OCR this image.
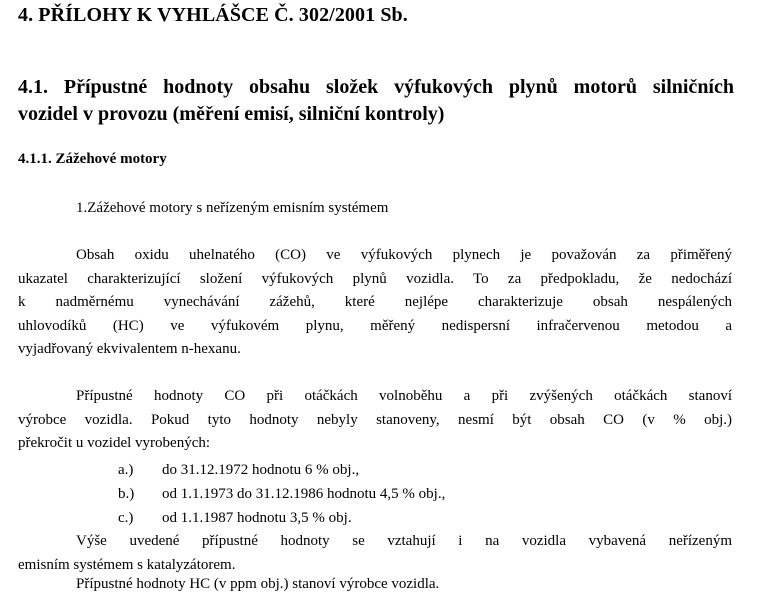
4. PŘÍLOHY K VYHLÁŠCE Č. 302/2001 Sb.
4.1. Přípustné hodnoty obsahu složek výfukových plynů motorů silničních
vozidel v provozu (měření emisí, silniční kontroly)
4.1.1. Zážehové motory
1.Zážehové motory s neřízeným emisním systémem
Obsah oxidu uhelnatého (CO) ve výfukových plynech je považován za přiměřený
ukazatel charakterizující složení výfukových plynů vozidla. To za předpokladu, že nedochází
k nadměrnému vynechávání zážehů, které nejlépe charakterizuje obsah nespálených
uhlovodíků (HC) ve výfukovém plynu, měřený nedispersní infračervenou metodou a
vyjadřovaný ekvivalentem n-hexanu.
Přípustné hodnoty CO při otáčkách volnoběhu a při zvýšených otáčkách stanoví
výrobce vozidla. Pokud tyto hodnoty nebyly stanoveny, nesmí být obsah CO (v % obj.)
překročit u vozidel vyrobených:
a.) do 31.12.1972 hodnotu 6 % obj.,
b.) od 1.1.1973 do 31.12.1986 hodnotu 4,5 % obj.,
c.) od 1.1.1987 hodnotu 3,5 % obj.
Výše uvedené přípustné hodnoty se vztahují i na vozidla vybavená neřízeným
emisním systémem s katalyzátorem.
Přípustné hodnoty HC (v ppm obj.) stanoví výrobce vozidla.
